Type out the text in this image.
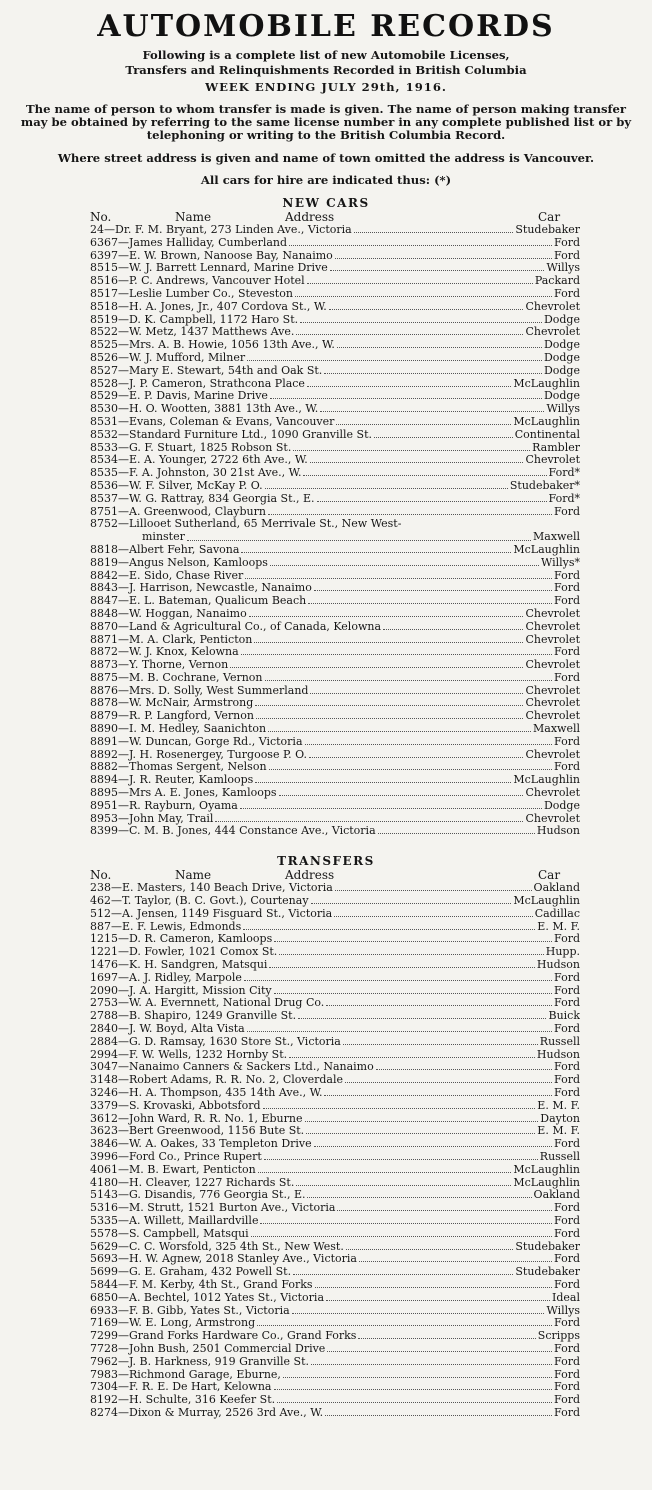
AUTOMOBILE RECORDS
Following is a complete list of new Automobile Licenses,
Transfers and Relinquishments Recorded in British Columbia
WEEK ENDING JULY 29th, 1916.
The name of person to whom transfer is made is given. The name of person making transfer may be obtained by referring to the same license number in any complete published list or by telephoning or writing to the British Columbia Record.
Where street address is given and name of town omitted the address is Vancouver.
All cars for hire are indicated thus: (*)
NEW CARS
No.	Name	Address	Car
24 — Dr. F. M. Bryant, 273 Linden Ave., Victoria	Studebaker
6367 — James Halliday, Cumberland	Ford
6397 — E. W. Brown, Nanoose Bay, Nanaimo	Ford
8515 — W. J. Barrett Lennard, Marine Drive	Willys
8516 — P. C. Andrews, Vancouver Hotel	Packard
8517 — Leslie Lumber Co., Steveston	Ford
8518 — H. A. Jones, Jr., 407 Cordova St., W.	Chevrolet
8519 — D. K. Campbell, 1172 Haro St.	Dodge
8522 — W. Metz, 1437 Matthews Ave.	Chevrolet
8525 — Mrs. A. B. Howie, 1056 13th Ave., W.	Dodge
8526 — W. J. Mufford, Milner	Dodge
8527 — Mary E. Stewart, 54th and Oak St.	Dodge
8528 — J. P. Cameron, Strathcona Place	McLaughlin
8529 — E. P. Davis, Marine Drive	Dodge
8530 — H. O. Wootten, 3881 13th Ave., W.	Willys
8531 — Evans, Coleman & Evans, Vancouver	McLaughlin
8532 — Standard Furniture Ltd., 1090 Granville St.	Continental
8533 — G. F. Stuart, 1825 Robson St.	Rambler
8534 — E. A. Younger, 2722 6th Ave., W.	Chevrolet
8535 — F. A. Johnston, 30 21st Ave., W.	Ford*
8536 — W. F. Silver, McKay P. O.	Studebaker*
8537 — W. G. Rattray, 834 Georgia St., E.	Ford*
8751 — A. Greenwood, Clayburn	Ford
8752 — Lillooet Sutherland, 65 Merrivale St., New West-
minster	Maxwell
8818 — Albert Fehr, Savona	McLaughlin
8819 — Angus Nelson, Kamloops	Willys*
8842 — E. Sido, Chase River	Ford
8843 — J. Harrison, Newcastle, Nanaimo	Ford
8847 — E. L. Bateman, Qualicum Beach	Ford
8848 — W. Hoggan, Nanaimo	Chevrolet
8870 — Land & Agricultural Co., of Canada, Kelowna	Chevrolet
8871 — M. A. Clark, Penticton	Chevrolet
8872 — W. J. Knox, Kelowna	Ford
8873 — Y. Thorne, Vernon	Chevrolet
8875 — M. B. Cochrane, Vernon	Ford
8876 — Mrs. D. Solly, West Summerland	Chevrolet
8878 — W. McNair, Armstrong	Chevrolet
8879 — R. P. Langford, Vernon	Chevrolet
8890 — I. M. Hedley, Saanichton	Maxwell
8891 — W. Duncan, Gorge Rd., Victoria	Ford
8892 — J. H. Rosenergey, Turgoose P. O.	Chevrolet
8882 — Thomas Sergent, Nelson	Ford
8894 — J. R. Reuter, Kamloops	McLaughlin
8895 — Mrs A. E. Jones, Kamloops	Chevrolet
8951 — R. Rayburn, Oyama	Dodge
8953 — John May, Trail	Chevrolet
8399 — C. M. B. Jones, 444 Constance Ave., Victoria	Hudson
TRANSFERS
No.	Name	Address	Car
238 — E. Masters, 140 Beach Drive, Victoria	Oakland
462 — T. Taylor, (B. C. Govt.), Courtenay	McLaughlin
512 — A. Jensen, 1149 Fisguard St., Victoria	Cadillac
887 — E. F. Lewis, Edmonds	E. M. F.
1215 — D. R. Cameron, Kamloops	Ford
1221 — D. Fowler, 1021 Comox St.	Hupp.
1476 — K. H. Sandgren, Matsqui	Hudson
1697 — A. J. Ridley, Marpole	Ford
2090 — J. A. Hargitt, Mission City	Ford
2753 — W. A. Evernnett, National Drug Co.	Ford
2788 — B. Shapiro, 1249 Granville St.	Buick
2840 — J. W. Boyd, Alta Vista	Ford
2884 — G. D. Ramsay, 1630 Store St., Victoria	Russell
2994 — F. W. Wells, 1232 Hornby St.	Hudson
3047 — Nanaimo Canners & Sackers Ltd., Nanaimo	Ford
3148 — Robert Adams, R. R. No. 2, Cloverdale	Ford
3246 — H. A. Thompson, 435 14th Ave., W.	Ford
3379 — S. Krovaski, Abbotsford	E. M. F.
3612 — John Ward, R. R. No. 1, Eburne	Dayton
3623 — Bert Greenwood, 1156 Bute St.	E. M. F.
3846 — W. A. Oakes, 33 Templeton Drive	Ford
3996 — Ford Co., Prince Rupert	Russell
4061 — M. B. Ewart, Penticton	McLaughlin
4180 — H. Cleaver, 1227 Richards St.	McLaughlin
5143 — G. Disandis, 776 Georgia St., E.	Oakland
5316 — M. Strutt, 1521 Burton Ave., Victoria	Ford
5335 — A. Willett, Maillardville	Ford
5578 — S. Campbell, Matsqui	Ford
5629 — C. C. Worsfold, 325 4th St., New West.	Studebaker
5693 — H. W. Agnew, 2018 Stanley Ave., Victoria	Ford
5699 — G. E. Graham, 432 Powell St.	Studebaker
5844 — F. M. Kerby, 4th St., Grand Forks	Ford
6850 — A. Bechtel, 1012 Yates St., Victoria	Ideal
6933 — F. B. Gibb, Yates St., Victoria	Willys
7169 — W. E. Long, Armstrong	Ford
7299 — Grand Forks Hardware Co., Grand Forks	Scripps
7728 — John Bush, 2501 Commercial Drive	Ford
7962 — J. B. Harkness, 919 Granville St.	Ford
7983 — Richmond Garage, Eburne,	Ford
7304 — F. R. E. De Hart, Kelowna	Ford
8192 — H. Schulte, 316 Keefer St.	Ford
8274 — Dixon & Murray, 2526 3rd Ave., W.	Ford
